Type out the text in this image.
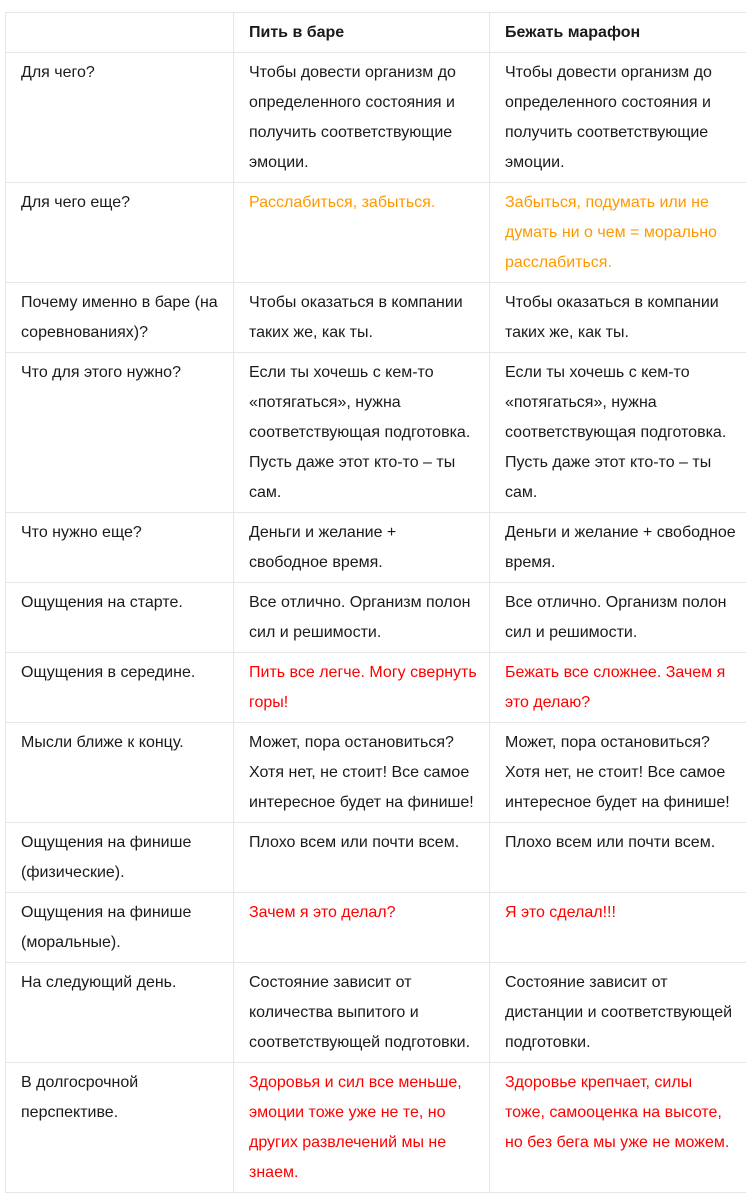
	Пить в баре	Бежать марафон
Для чего?	Чтобы довести организм до определенного состояния и получить соответствующие эмоции.	Чтобы довести организм до определенного состояния и получить соответствующие эмоции.
Для чего еще?	Расслабиться, забыться.	Забыться, подумать или не думать ни о чем = морально расслабиться.
Почему именно в баре (на соревнованиях)?	Чтобы оказаться в компании таких же, как ты.	Чтобы оказаться в компании таких же, как ты.
Что для этого нужно?	Если ты хочешь с кем-то «потягаться», нужна соответствующая подготовка. Пусть даже этот кто-то – ты сам.	Если ты хочешь с кем-то «потягаться», нужна соответствующая подготовка. Пусть даже этот кто-то – ты сам.
Что нужно еще?	Деньги и желание + свободное время.	Деньги и желание + свободное время.
Ощущения на старте.	Все отлично. Организм полон сил и решимости.	Все отлично. Организм полон сил и решимости.
Ощущения в середине.	Пить все легче. Могу свернуть горы!	Бежать все сложнее. Зачем я это делаю?
Мысли ближе к концу.	Может, пора остановиться? Хотя нет, не стоит! Все самое интересное будет на финише!	Может, пора остановиться? Хотя нет, не стоит! Все самое интересное будет на финише!
Ощущения на финише (физические).	Плохо всем или почти всем.	Плохо всем или почти всем.
Ощущения на финише (моральные).	Зачем я это делал?	Я это сделал!!!
На следующий день.	Состояние зависит от количества выпитого и соответствующей подготовки.	Состояние зависит от дистанции и соответствующей подготовки.
В долгосрочной перспективе.	Здоровья и сил все меньше, эмоции тоже уже не те, но других развлечений мы не знаем.	Здоровье крепчает, силы тоже, самооценка на высоте, но без бега мы уже не можем.
